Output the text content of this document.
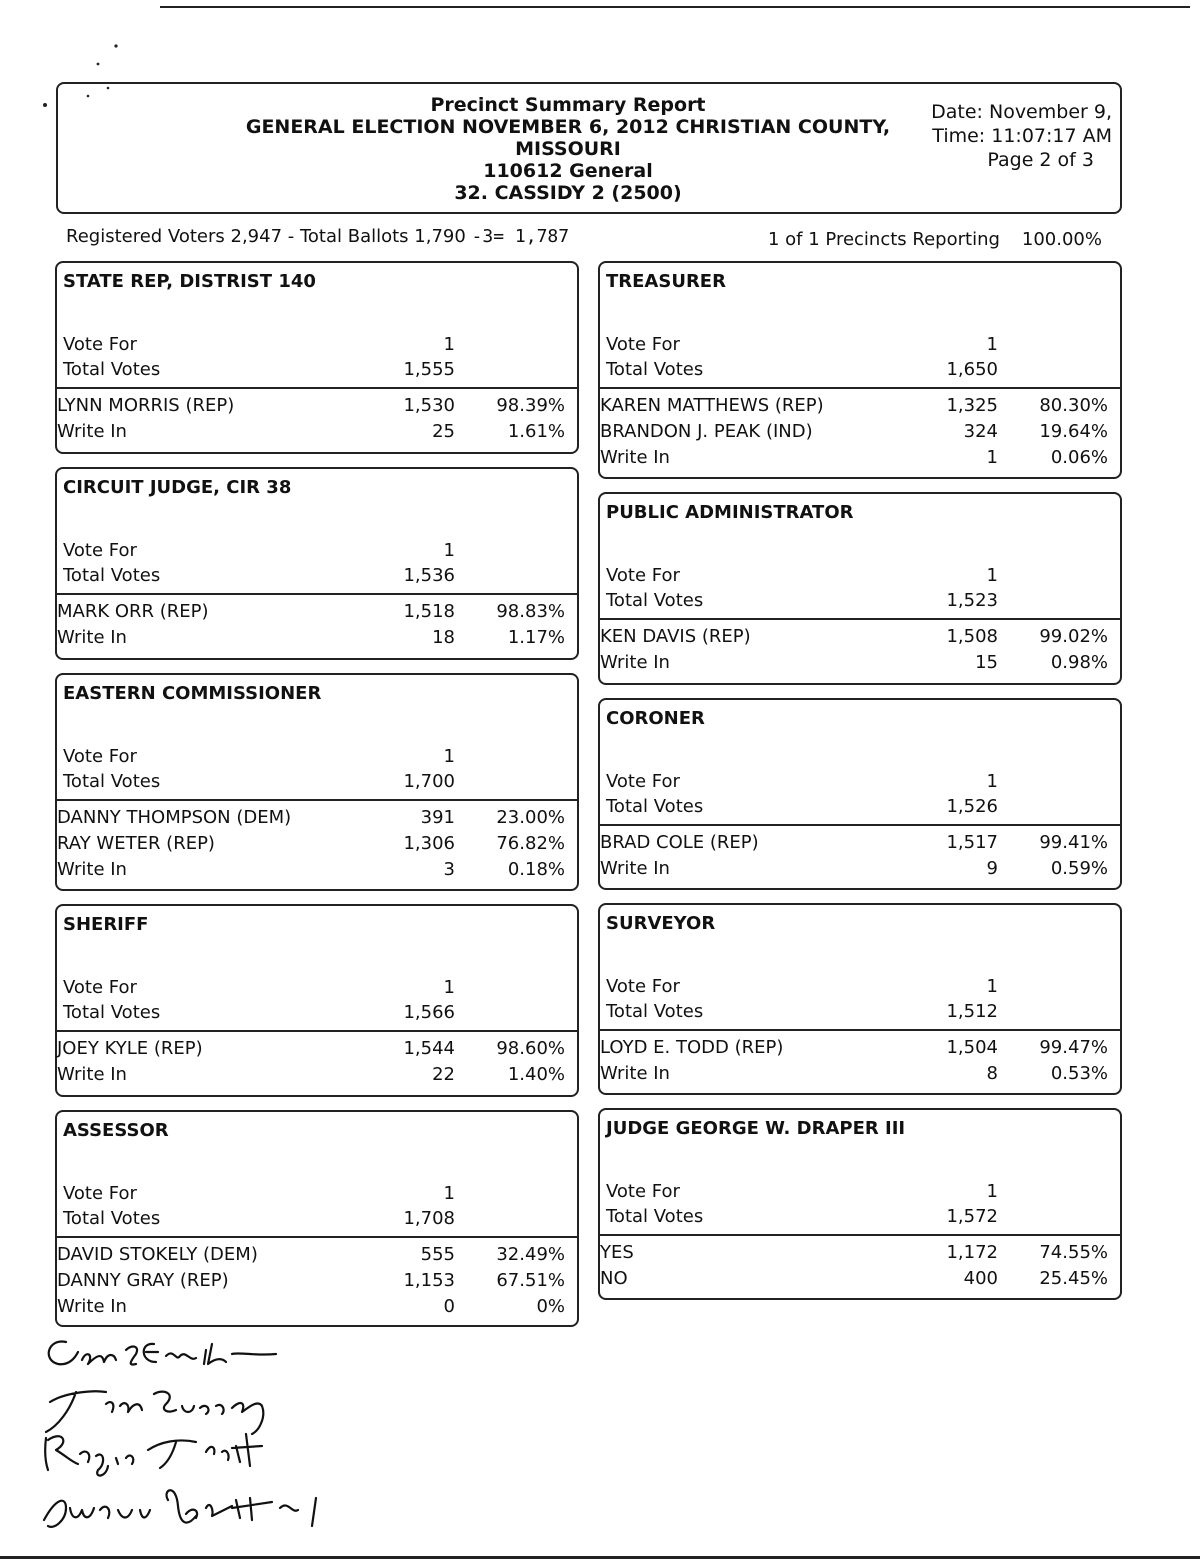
Precinct Summary Report
GENERAL ELECTION NOVEMBER 6, 2012 CHRISTIAN COUNTY,
MISSOURI
110612 General
32. CASSIDY 2 (2500)
Date: November 9,
Time: 11:07:17 AM
Page 2 of 3
Registered Voters 2,947 - Total Ballots 1,790 -3= 1,787	1 of 1 Precincts Reporting 100.00%
STATE REP, DISTRIST 140
Vote For	1
Total Votes	1,555
LYNN MORRIS (REP)	1,530	98.39%
Write In	25	1.61%
CIRCUIT JUDGE, CIR 38
Vote For	1
Total Votes	1,536
MARK ORR (REP)	1,518	98.83%
Write In	18	1.17%
EASTERN COMMISSIONER
Vote For	1
Total Votes	1,700
DANNY THOMPSON (DEM)	391	23.00%
RAY WETER (REP)	1,306	76.82%
Write In	3	0.18%
SHERIFF
Vote For	1
Total Votes	1,566
JOEY KYLE (REP)	1,544	98.60%
Write In	22	1.40%
ASSESSOR
Vote For	1
Total Votes	1,708
DAVID STOKELY (DEM)	555	32.49%
DANNY GRAY (REP)	1,153	67.51%
Write In	0	0%
TREASURER
Vote For	1
Total Votes	1,650
KAREN MATTHEWS (REP)	1,325	80.30%
BRANDON J. PEAK (IND)	324	19.64%
Write In	1	0.06%
PUBLIC ADMINISTRATOR
Vote For	1
Total Votes	1,523
KEN DAVIS (REP)	1,508	99.02%
Write In	15	0.98%
CORONER
Vote For	1
Total Votes	1,526
BRAD COLE (REP)	1,517	99.41%
Write In	9	0.59%
SURVEYOR
Vote For	1
Total Votes	1,512
LOYD E. TODD (REP)	1,504	99.47%
Write In	8	0.53%
JUDGE GEORGE W. DRAPER III
Vote For	1
Total Votes	1,572
YES	1,172	74.55%
NO	400	25.45%
